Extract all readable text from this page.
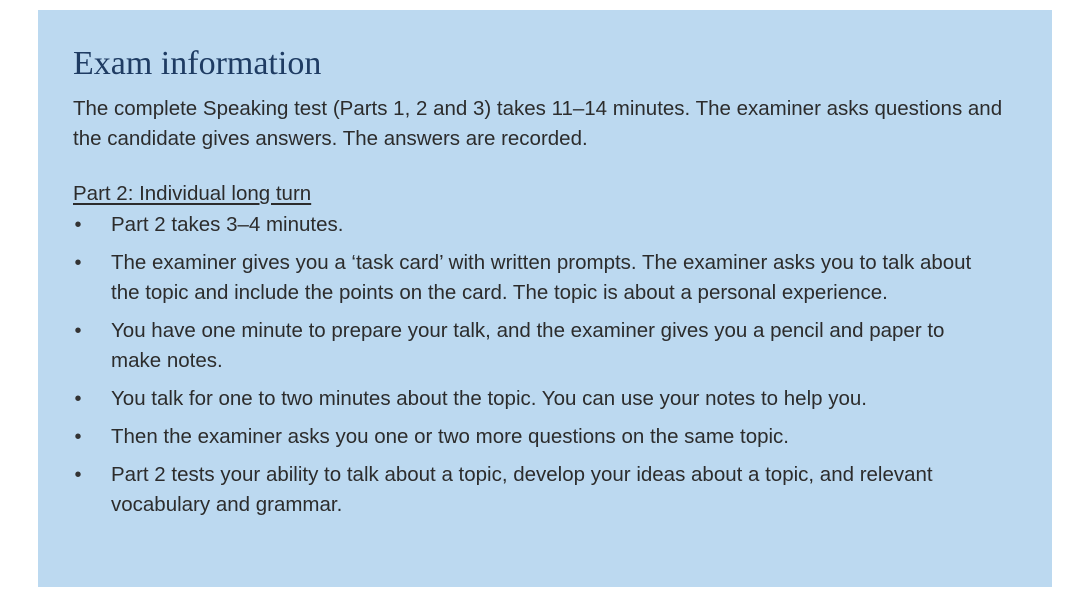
Exam information

The complete Speaking test (Parts 1, 2 and 3) takes 11–14 minutes. The examiner asks questions and the candidate gives answers. The answers are recorded.

Part 2: Individual long turn
• Part 2 takes 3–4 minutes.
• The examiner gives you a ‘task card’ with written prompts. The examiner asks you to talk about the topic and include the points on the card. The topic is about a personal experience.
• You have one minute to prepare your talk, and the examiner gives you a pencil and paper to make notes.
• You talk for one to two minutes about the topic. You can use your notes to help you.
• Then the examiner asks you one or two more questions on the same topic.
• Part 2 tests your ability to talk about a topic, develop your ideas about a topic, and relevant vocabulary and grammar.
